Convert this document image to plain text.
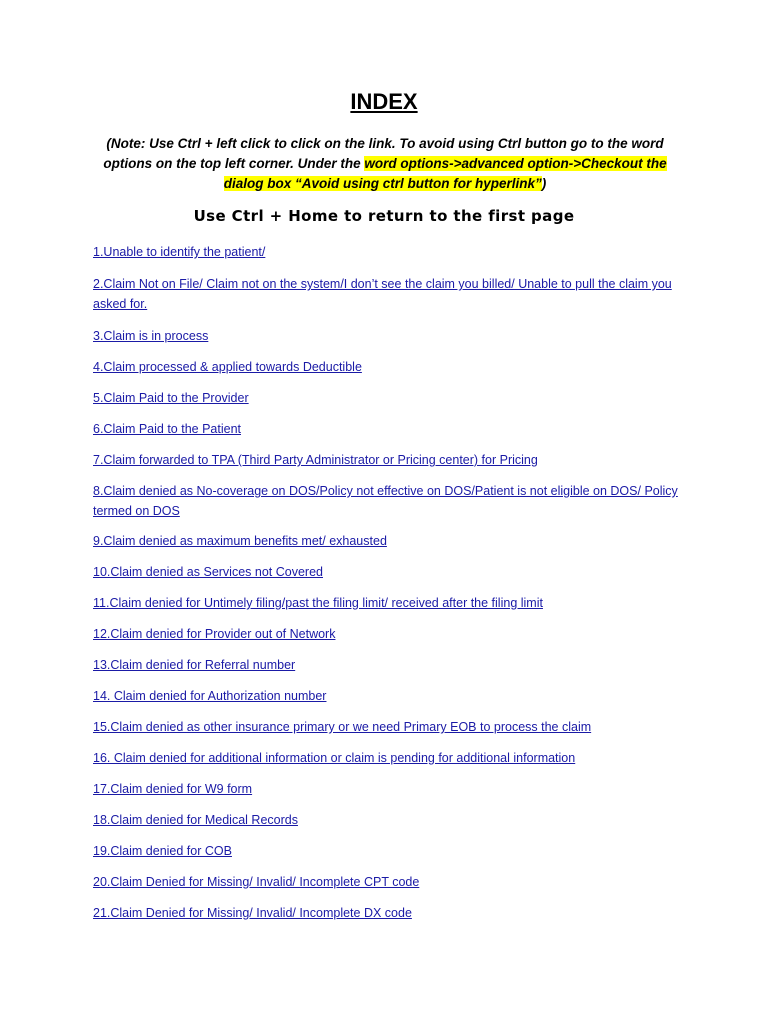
INDEX
(Note: Use Ctrl + left click to click on the link. To avoid using Ctrl button go to the word options on the top left corner. Under the word options->advanced option->Checkout the dialog box “Avoid using ctrl button for hyperlink”)
Use Ctrl + Home to return to the first page
1.Unable to identify the patient/
2.Claim Not on File/ Claim not on the system/I don’t see the claim you billed/ Unable to pull the claim you asked for.
3.Claim is in process
4.Claim processed & applied towards Deductible
5.Claim Paid to the Provider
6.Claim Paid to the Patient
7.Claim forwarded to TPA (Third Party Administrator or Pricing center) for Pricing
8.Claim denied as No-coverage on DOS/Policy not effective on DOS/Patient is not eligible on DOS/ Policy termed on DOS
9.Claim denied as maximum benefits met/ exhausted
10.Claim denied as Services not Covered
11.Claim denied for Untimely filing/past the filing limit/ received after the filing limit
12.Claim denied for Provider out of Network
13.Claim denied for Referral number
14. Claim denied for Authorization number
15.Claim denied as other insurance primary or we need Primary EOB to process the claim
16. Claim denied for additional information or claim is pending for additional information
17.Claim denied for W9 form
18.Claim denied for Medical Records
19.Claim denied for COB
20.Claim Denied for Missing/ Invalid/ Incomplete CPT code
21.Claim Denied for Missing/ Invalid/ Incomplete DX code
